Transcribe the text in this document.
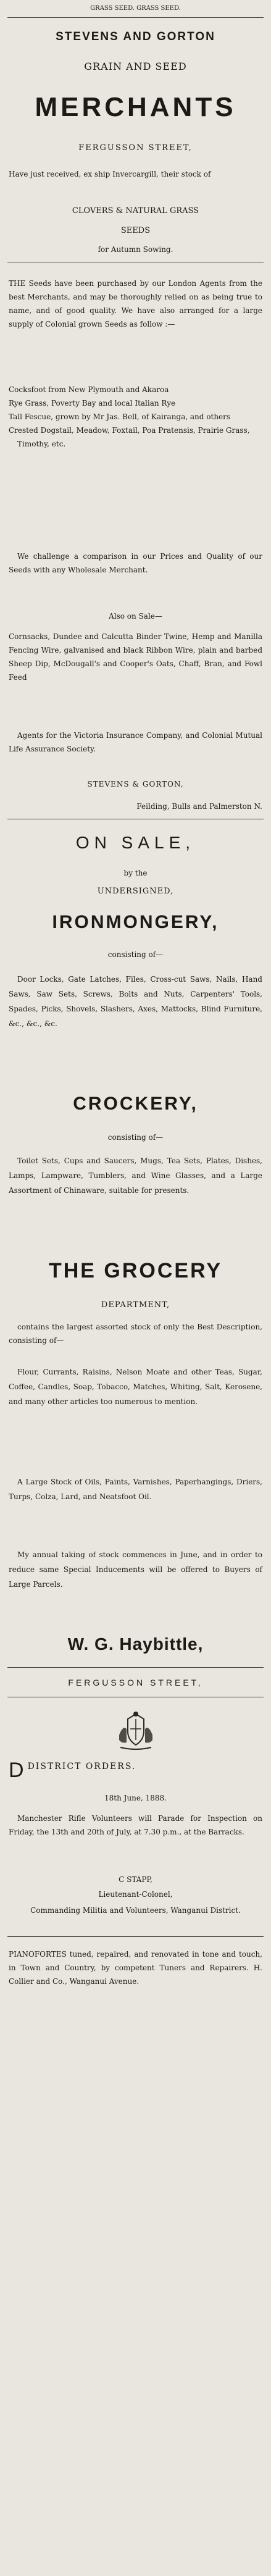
GRASS SEED. GRASS SEED.
STEVENS AND GORTON
GRAIN AND SEED
MERCHANTS
FERGUSSON STREET,
Have just received, ex ship Invercargill, their stock of
CLOVERS & NATURAL GRASS
SEEDS
for Autumn Sowing.
THE Seeds have been purchased by our London Agents from the best Merchants, and may be thoroughly relied on as being true to name, and of good quality. We have also arranged for a large supply of Colonial grown Seeds as follow :—
Cocksfoot from New Plymouth and Akaroa
Rye Grass, Poverty Bay and local Italian Rye
Tall Fescue, grown by Mr Jas. Bell, of Kairanga, and others
Crested Dogstail, Meadow, Foxtail, Poa Pratensis, Prairie Grass, Timothy, etc.
We challenge a comparison in our Prices and Quality of our Seeds with any Wholesale Merchant.
Also on Sale—
Cornsacks, Dundee and Calcutta Binder Twine, Hemp and Manilla Fencing Wire, galvanised and black Ribbon Wire, plain and barbed Sheep Dip, McDougall's and Cooper's Oats, Chaff, Bran, and Fowl Feed
Agents for the Victoria Insurance Company, and Colonial Mutual Life Assurance Society.
STEVENS & GORTON,
Feilding, Bulls and Palmerston N.
ON SALE,
by the
UNDERSIGNED,
IRONMONGERY,
consisting of—
Door Locks, Gate Latches, Files, Cross-cut Saws, Nails, Hand Saws, Saw Sets, Screws, Bolts and Nuts, Carpenters' Tools, Spades, Picks, Shovels, Slashers, Axes, Mattocks, Blind Furniture, &c., &c., &c.
CROCKERY,
consisting of—
Toilet Sets, Cups and Saucers, Mugs, Tea Sets, Plates, Dishes, Lamps, Lampware, Tumblers, and Wine Glasses, and a Large Assortment of Chinaware, suitable for presents.
THE GROCERY
DEPARTMENT,
contains the largest assorted stock of only the Best Description, consisting of—
Flour, Currants, Raisins, Nelson Moate and other Teas, Sugar, Coffee, Candles, Soap, Tobacco, Matches, Whiting, Salt, Kerosene, and many other articles too numerous to mention.
A Large Stock of Oils, Paints, Varnishes, Paperhangings, Driers, Turps, Colza, Lard, and Neatsfoot Oil.
My annual taking of stock commences in June, and in order to reduce same Special Inducements will be offered to Buyers of Large Parcels.
W. G. Haybittle,
FERGUSSON STREET,
DDISTRICT ORDERS.
18th June, 1888.
Manchester Rifle Volunteers will Parade for Inspection on Friday, the 13th and 20th of July, at 7.30 p.m., at the Barracks.
C STAPP,
Lieutenant-Colonel,
Commanding Militia and Volunteers, Wanganui District.
PIANOFORTES tuned, repaired, and renovated in tone and touch, in Town and Country, by competent Tuners and Repairers. H. Collier and Co., Wanganui Avenue.
